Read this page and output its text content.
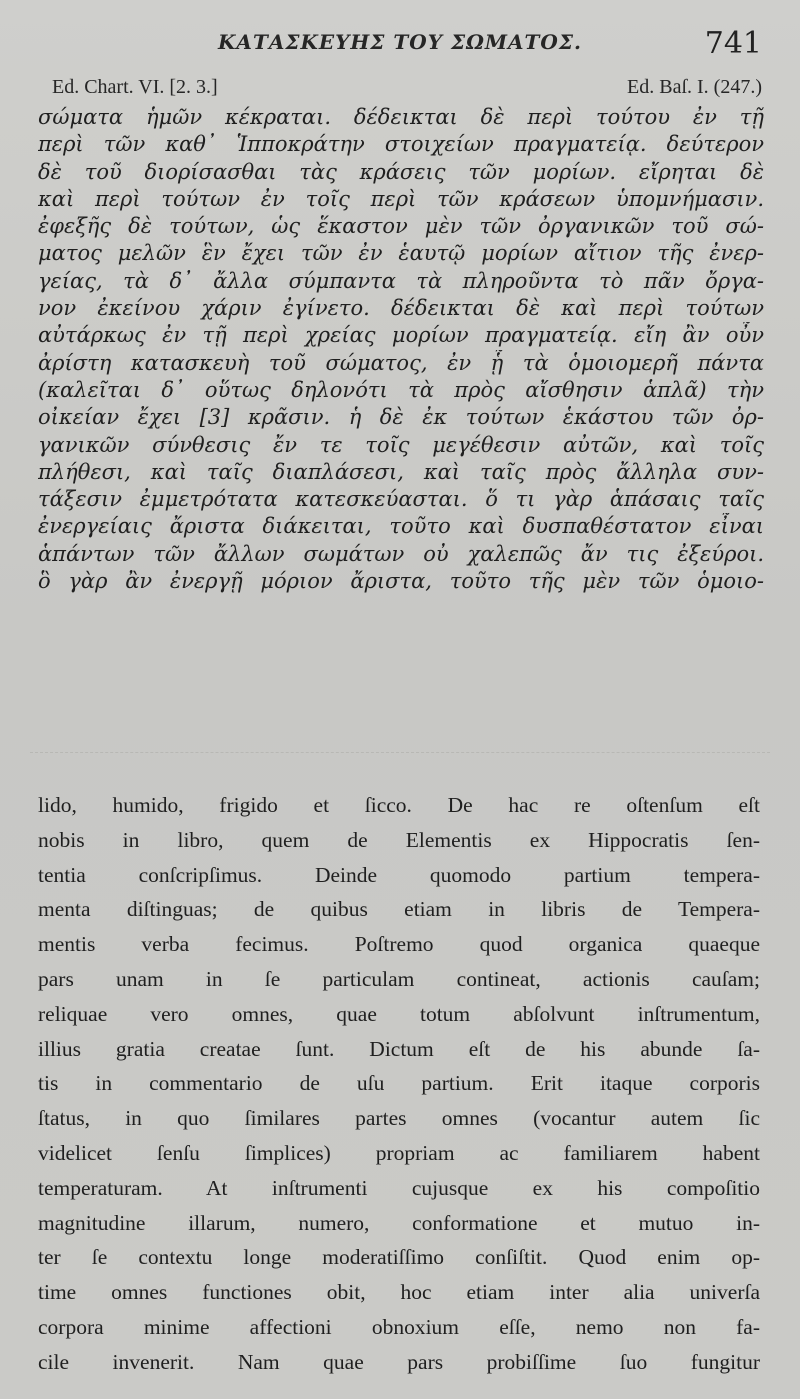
ΚΑΤΑΣΚΕΥΗΣ ΤΟΥ ΣΩΜΑΤΟΣ.	741
Ed. Chart. VI. [2. 3.]	Ed. Baſ. I. (247.)
σώματα ἡμῶν κέκραται. δέδεικται δὲ περὶ τούτου ἐν τῇ
περὶ τῶν καθ᾽ Ἱπποκράτην στοιχείων πραγματείᾳ. δεύτερον
δὲ τοῦ διορίσασθαι τὰς κράσεις τῶν μορίων. εἴρηται δὲ
καὶ περὶ τούτων ἐν τοῖς περὶ τῶν κράσεων ὑπομνήμασιν.
ἐφεξῆς δὲ τούτων, ὡς ἕκαστον μὲν τῶν ὀργανικῶν τοῦ σώ-
ματος μελῶν ἓν ἔχει τῶν ἐν ἑαυτῷ μορίων αἴτιον τῆς ἐνερ-
γείας, τὰ δ᾽ ἄλλα σύμπαντα τὰ πληροῦντα τὸ πᾶν ὄργα-
νον ἐκείνου χάριν ἐγίνετο. δέδεικται δὲ καὶ περὶ τούτων
αὐτάρκως ἐν τῇ περὶ χρείας μορίων πραγματείᾳ. εἴη ἂν οὖν
ἀρίστη κατασκευὴ τοῦ σώματος, ἐν ᾗ τὰ ὁμοιομερῆ πάντα
(καλεῖται δ᾽ οὕτως δηλονότι τὰ πρὸς αἴσθησιν ἁπλᾶ) τὴν
οἰκείαν ἔχει [3] κρᾶσιν. ἡ δὲ ἐκ τούτων ἑκάστου τῶν ὀρ-
γανικῶν σύνθεσις ἔν τε τοῖς μεγέθεσιν αὐτῶν, καὶ τοῖς
πλήθεσι, καὶ ταῖς διαπλάσεσι, καὶ ταῖς πρὸς ἄλληλα συν-
τάξεσιν ἐμμετρότατα κατεσκεύασται. ὅ τι γὰρ ἁπάσαις ταῖς
ἐνεργείαις ἄριστα διάκειται, τοῦτο καὶ δυσπαθέστατον εἶναι
ἁπάντων τῶν ἄλλων σωμάτων οὐ χαλεπῶς ἄν τις ἐξεύροι.
ὃ γὰρ ἂν ἐνεργῇ μόριον ἄριστα, τοῦτο τῆς μὲν τῶν ὁμοιο-
lido, humido, frigido et ſicco. De hac re oſtenſum eſt
nobis in libro, quem de Elementis ex Hippocratis ſen-
tentia conſcripſimus. Deinde quomodo partium tempera-
menta diſtinguas; de quibus etiam in libris de Tempera-
mentis verba fecimus. Poſtremo quod organica quaeque
pars unam in ſe particulam contineat, actionis cauſam;
reliquae vero omnes, quae totum abſolvunt inſtrumentum,
illius gratia creatae ſunt. Dictum eſt de his abunde ſa-
tis in commentario de uſu partium. Erit itaque corporis
ſtatus, in quo ſimilares partes omnes (vocantur autem ſic
videlicet ſenſu ſimplices) propriam ac familiarem habent
temperaturam. At inſtrumenti cujusque ex his compoſitio
magnitudine illarum, numero, conformatione et mutuo in-
ter ſe contextu longe moderatiſſimo conſiſtit. Quod enim op-
time omnes functiones obit, hoc etiam inter alia univerſa
corpora minime affectioni obnoxium eſſe, nemo non fa-
cile invenerit. Nam quae pars probiſſime ſuo fungitur
